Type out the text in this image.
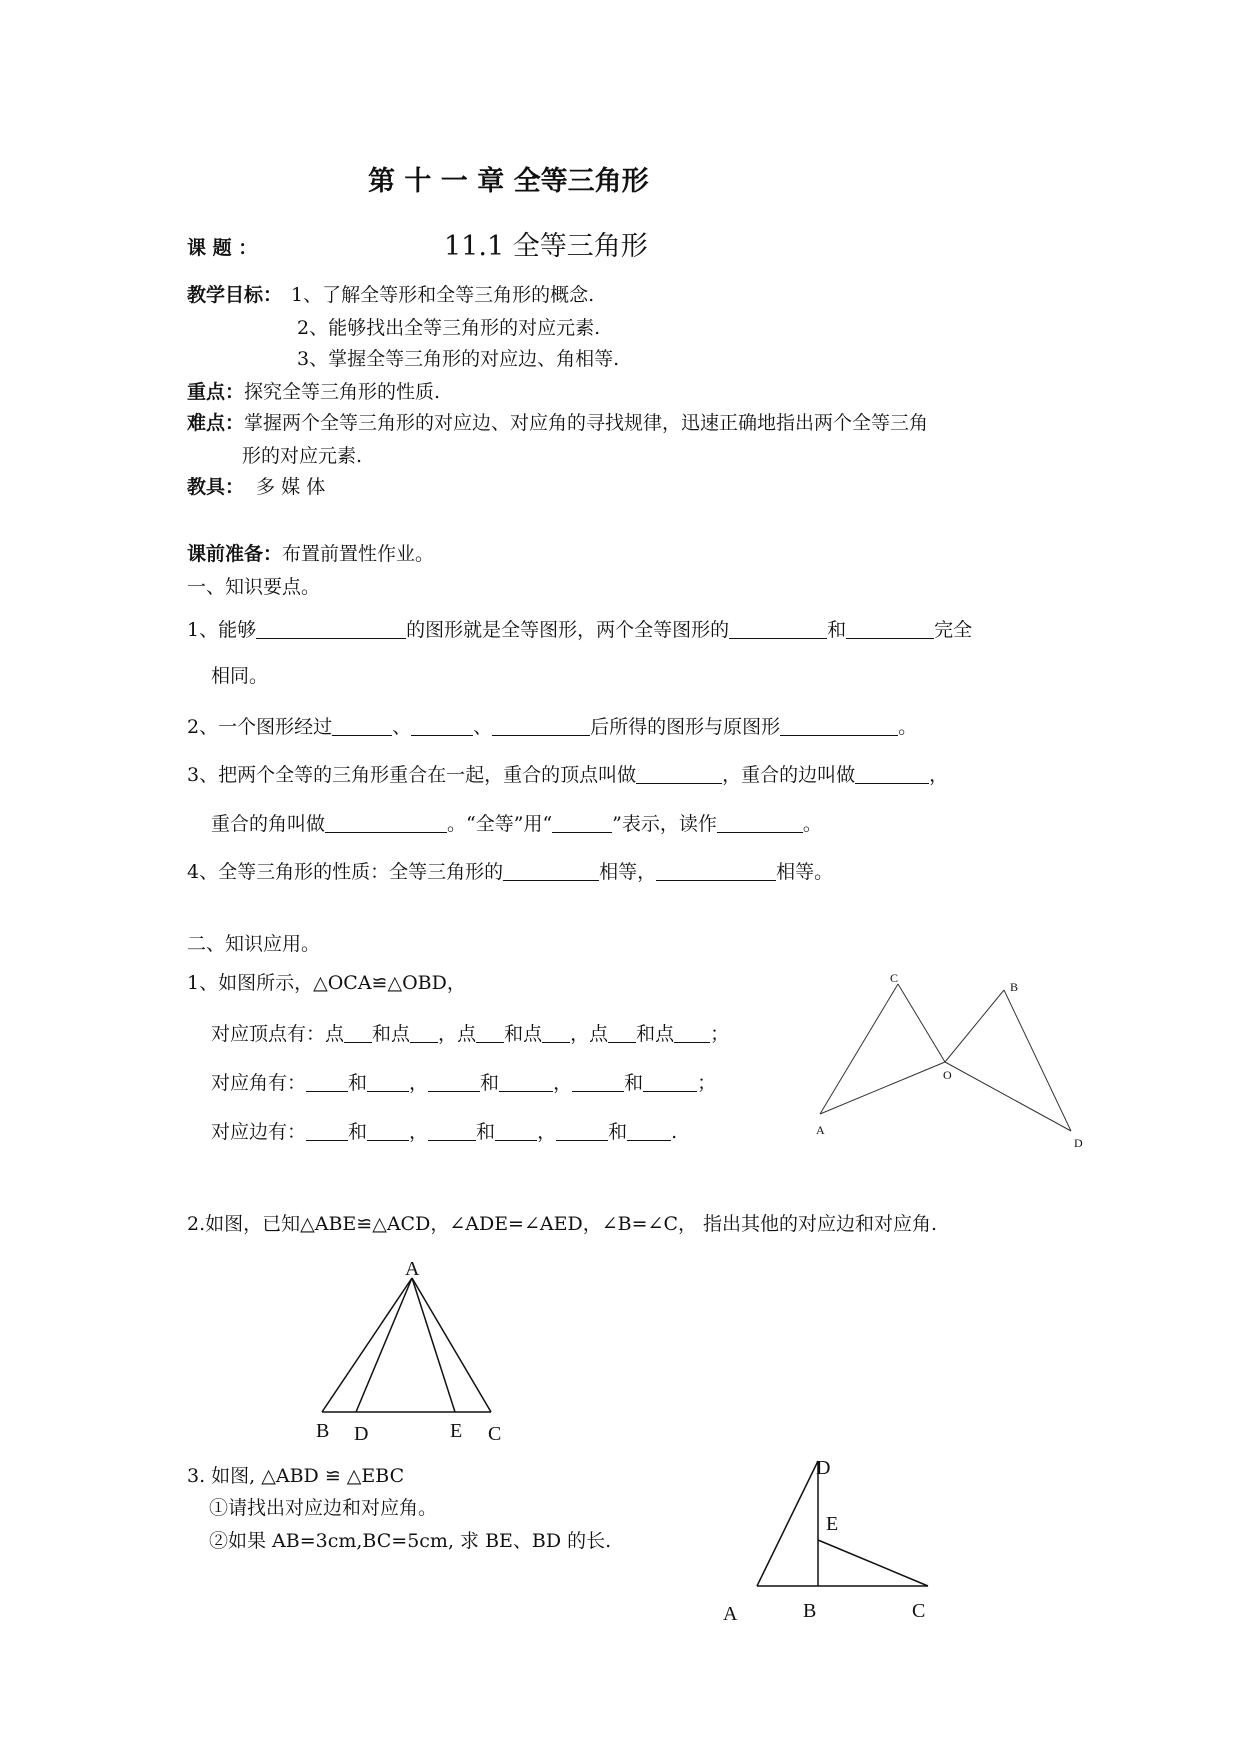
第 十 一 章 全等三角形
课 题 ：	11.1 全等三角形
教学目标： 1、了解全等形和全等三角形的概念.
2、能够找出全等三角形的对应元素.
3、掌握全等三角形的对应边、角相等.
重点：探究全等三角形的性质.
难点：掌握两个全等三角形的对应边、对应角的寻找规律，迅速正确地指出两个全等三角
形的对应元素.
教具： 多 媒 体
课前准备：布置前置性作业。
一、知识要点。
1、能够	的图形就是全等图形，两个全等图形的	和	完全
相同。
2、一个图形经过	、	、	后所得的图形与原图形	。
3、把两个全等的三角形重合在一起，重合的顶点叫做	，重合的边叫做	，
重合的角叫做	。“全等”用“	”表示，读作	。
4、全等三角形的性质：全等三角形的	相等，	相等。
二、知识应用。
1、如图所示，△OCA≌△OBD，
对应顶点有：点 和点 ，点 和点 ，点 和点 ；
对应角有： 和 ，	和	，	和	；
对应边有： 和 ，	和 ，	和 .
C
B
O
A
D
2.如图，已知△ABE≌△ACD，∠ADE=∠AED，∠B=∠C， 指出其他的对应边和对应角.
A
B D	E C
3. 如图, △ABD ≌ △EBC
①请找出对应边和对应角。
②如果 AB=3cm,BC=5cm, 求 BE、BD 的长.
D
E
A	B	C
